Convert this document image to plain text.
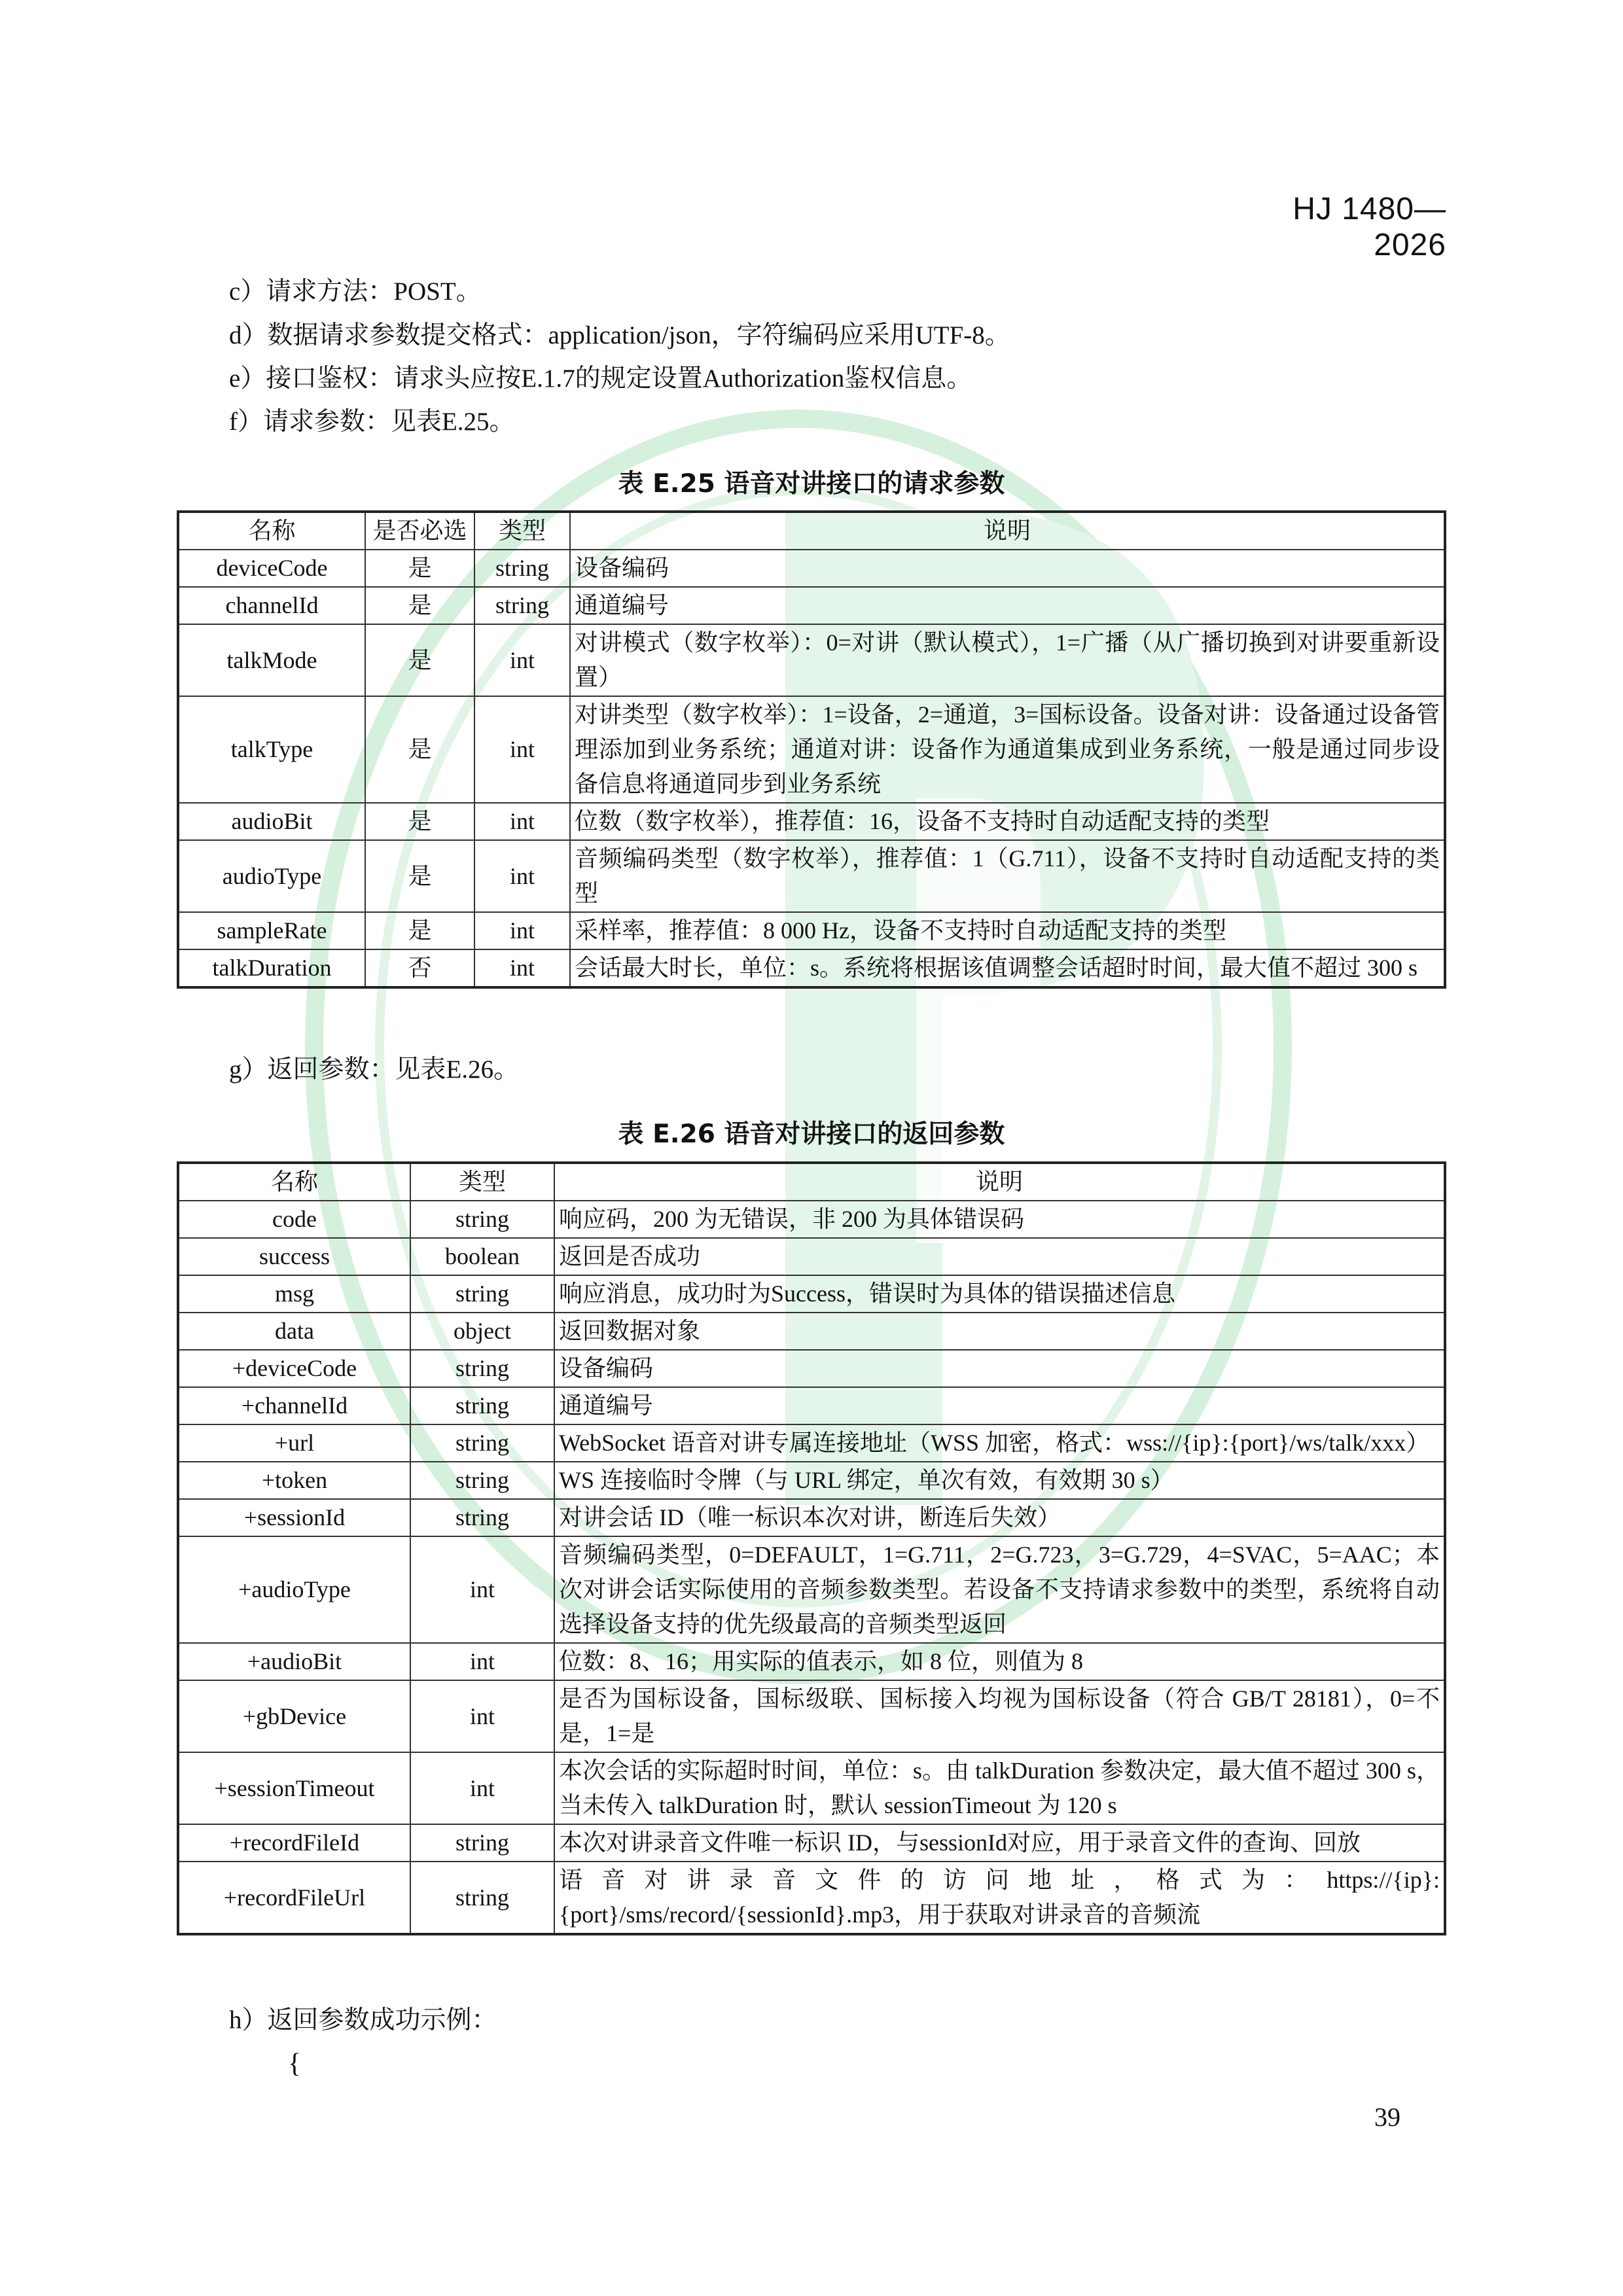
HJ 1480—2026
c）请求方法：POST。
d）数据请求参数提交格式：application/json，字符编码应采用UTF-8。
e）接口鉴权：请求头应按E.1.7的规定设置Authorization鉴权信息。
f）请求参数：见表E.25。
表 E.25 语音对讲接口的请求参数
名称	是否必选	类型	说明
deviceCode	是	string	设备编码
channelId	是	string	通道编号
talkMode	是	int	对讲模式（数字枚举）：0=对讲（默认模式），1=广播（从广播切换到对讲要重新设置）
talkType	是	int	对讲类型（数字枚举）：1=设备，2=通道，3=国标设备。设备对讲：设备通过设备管理添加到业务系统；通道对讲：设备作为通道集成到业务系统，一般是通过同步设备信息将通道同步到业务系统
audioBit	是	int	位数（数字枚举），推荐值：16，设备不支持时自动适配支持的类型
audioType	是	int	音频编码类型（数字枚举），推荐值：1（G.711），设备不支持时自动适配支持的类型
sampleRate	是	int	采样率，推荐值：8 000 Hz，设备不支持时自动适配支持的类型
talkDuration	否	int	会话最大时长，单位：s。系统将根据该值调整会话超时时间，最大值不超过 300 s
g）返回参数：见表E.26。
表 E.26 语音对讲接口的返回参数
名称	类型	说明
code	string	响应码，200 为无错误，非 200 为具体错误码
success	boolean	返回是否成功
msg	string	响应消息，成功时为Success，错误时为具体的错误描述信息
data	object	返回数据对象
+deviceCode	string	设备编码
+channelId	string	通道编号
+url	string	WebSocket 语音对讲专属连接地址（WSS 加密，格式：wss://{ip}:{port}/ws/talk/xxx）
+token	string	WS 连接临时令牌（与 URL 绑定，单次有效，有效期 30 s）
+sessionId	string	对讲会话 ID（唯一标识本次对讲，断连后失效）
+audioType	int	音频编码类型，0=DEFAULT，1=G.711，2=G.723，3=G.729，4=SVAC，5=AAC；本次对讲会话实际使用的音频参数类型。若设备不支持请求参数中的类型，系统将自动选择设备支持的优先级最高的音频类型返回
+audioBit	int	位数：8、16；用实际的值表示，如 8 位，则值为 8
+gbDevice	int	是否为国标设备，国标级联、国标接入均视为国标设备（符合 GB/T 28181），0=不是，1=是
+sessionTimeout	int	本次会话的实际超时时间，单位：s。由 talkDuration 参数决定，最大值不超过 300 s，当未传入 talkDuration 时，默认 sessionTimeout 为 120 s
+recordFileId	string	本次对讲录音文件唯一标识 ID，与sessionId对应，用于录音文件的查询、回放
+recordFileUrl	string	语音对讲录音文件的访问地址，格式为：https://{ip}:{port}/sms/record/{sessionId}.mp3，用于获取对讲录音的音频流
h）返回参数成功示例：
{
39
